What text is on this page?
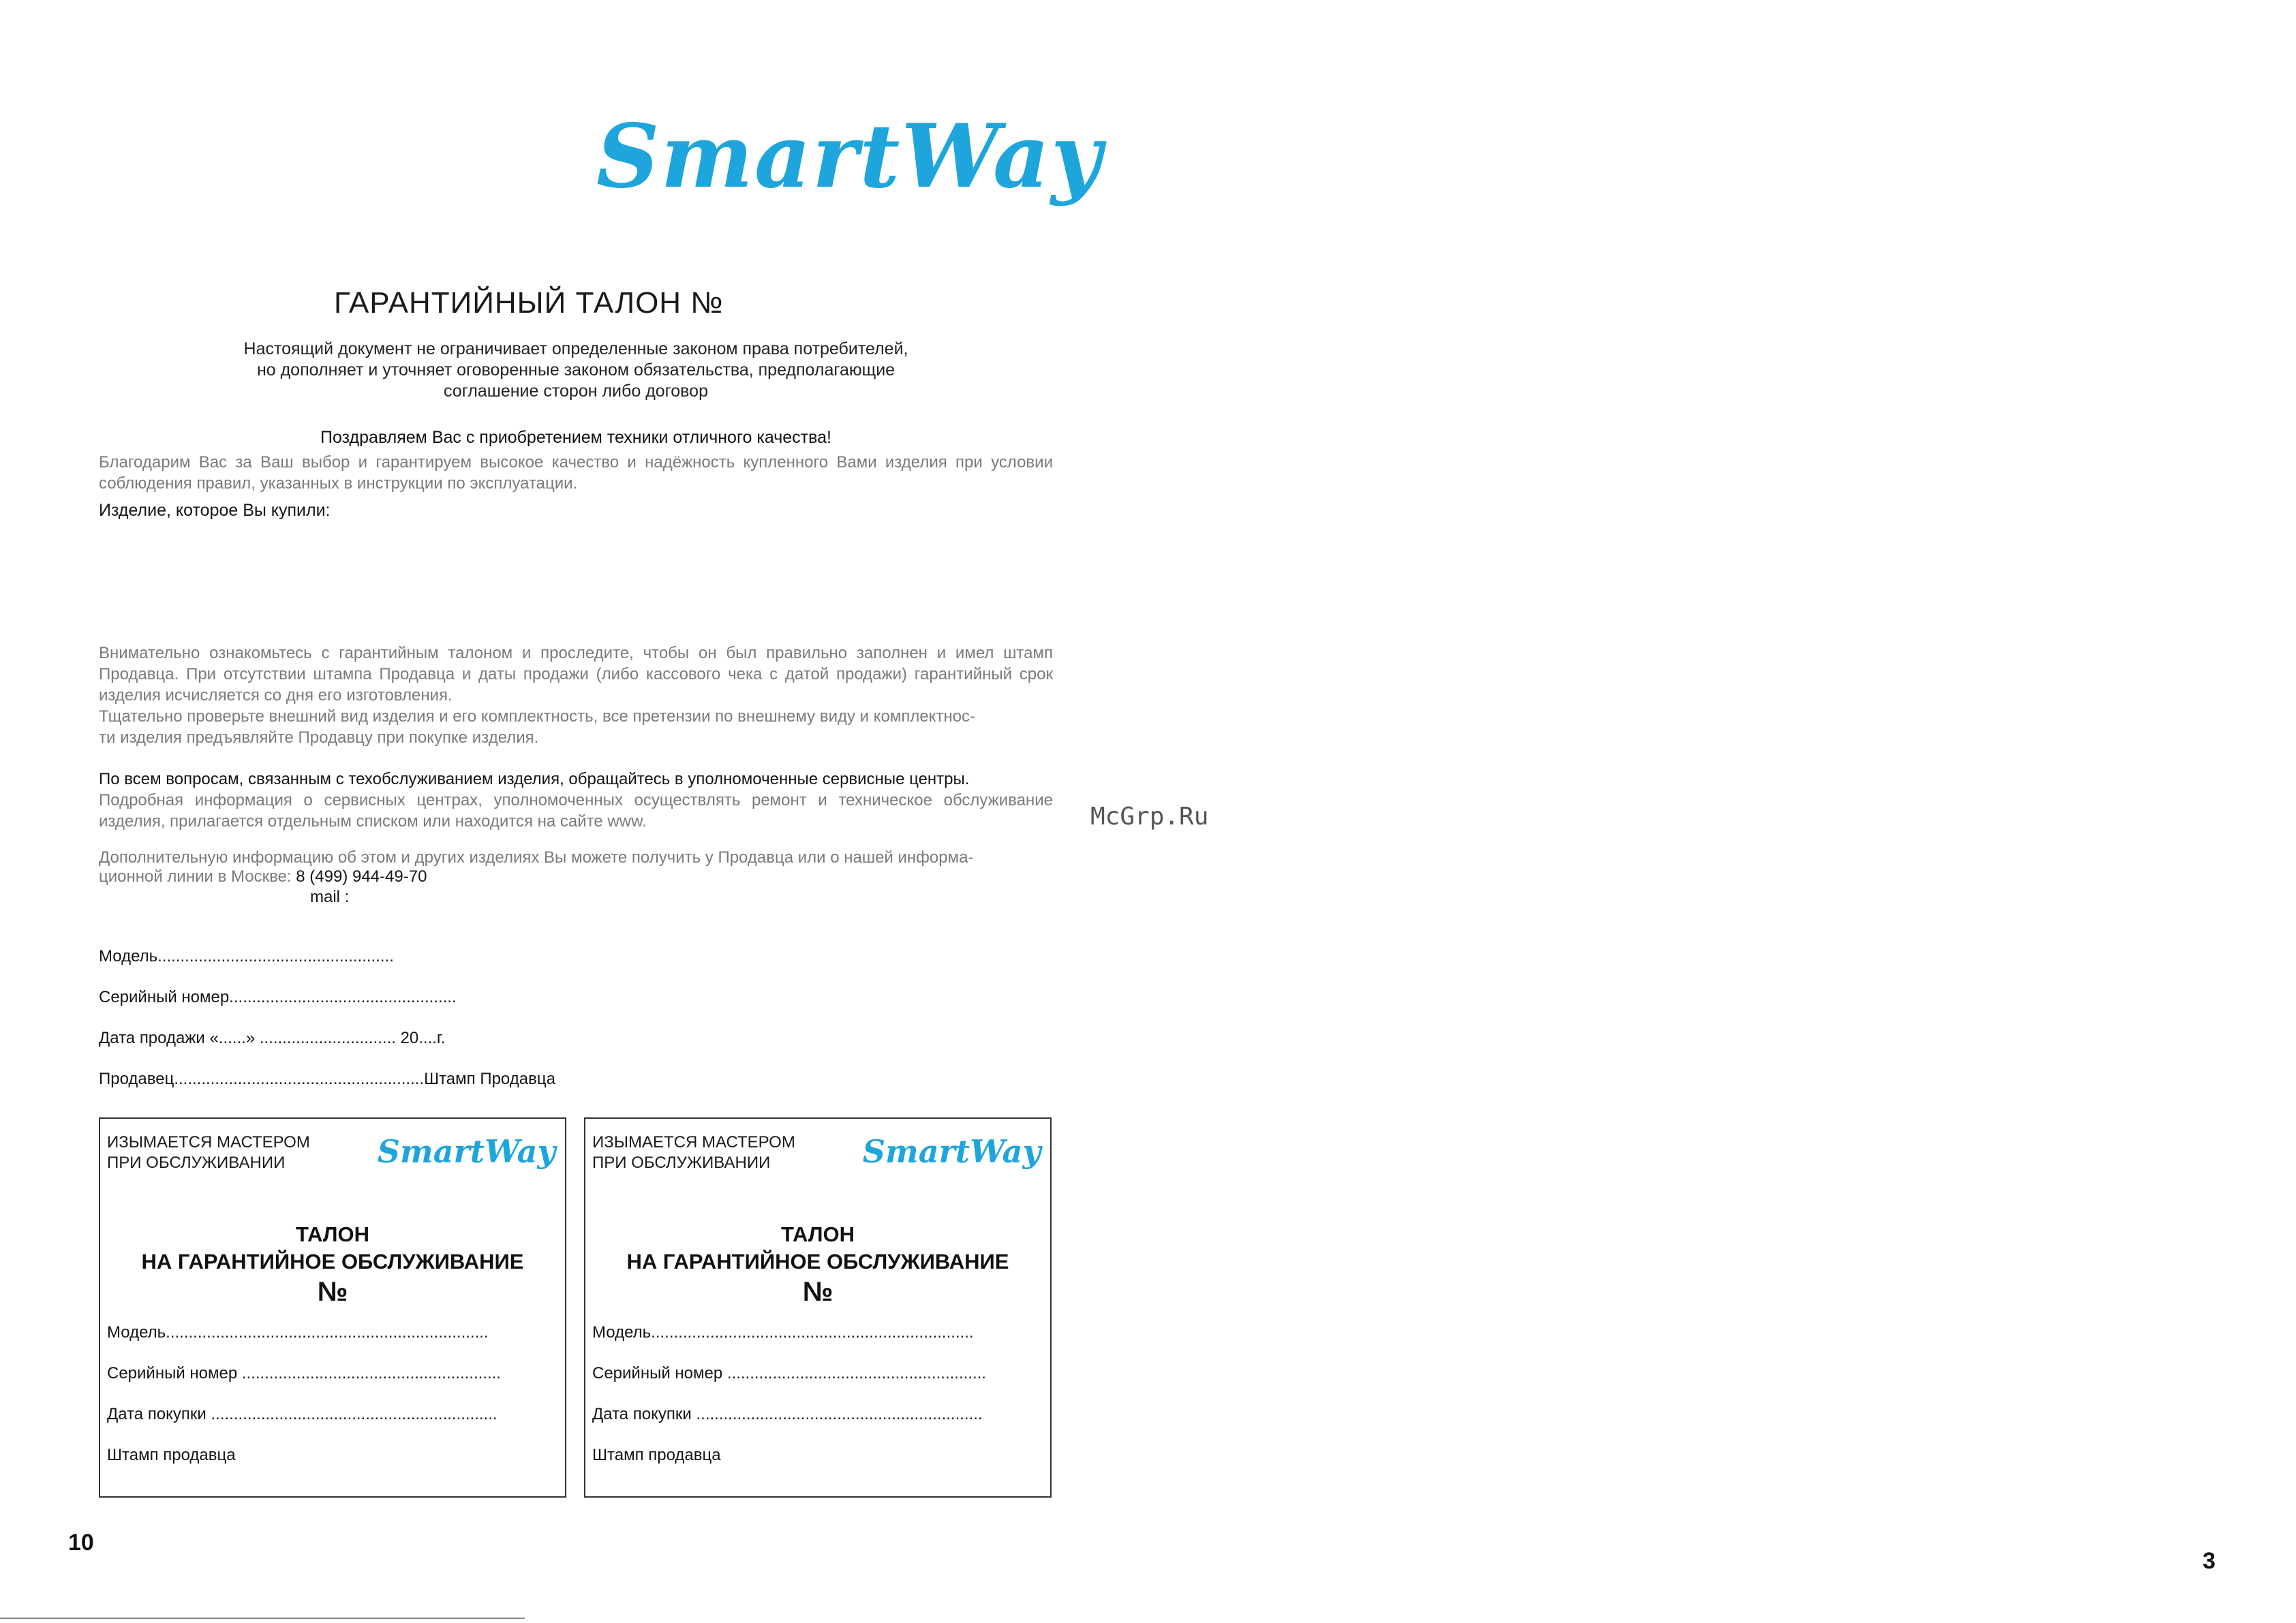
SmartWay
ГАРАНТИЙНЫЙ ТАЛОН №
Настоящий документ не ограничивает определенные законом права потребителей,
но дополняет и уточняет оговоренные законом обязательства, предполагающие
соглашение сторон либо договор
Поздравляем Вас с приобретением техники отличного качества!
Благодарим Вас за Ваш выбор и гарантируем высокое качество и надёжность купленного Вами изделия при условии соблюдения правил, указанных в инструкции по эксплуатации.
Изделие, которое Вы купили:
Внимательно ознакомьтесь с гарантийным талоном и проследите, чтобы он был правильно заполнен и имел штамп Продавца. При отсутствии штампа Продавца и даты продажи (либо кассового чека с датой продажи) гарантийный срок изделия исчисляется со дня его изготовления.
Тщательно проверьте внешний вид изделия и его комплектность, все претензии по внешнему виду и комплектнос-
ти изделия предъявляйте Продавцу при покупке изделия.
По всем вопросам, связанным с техобслуживанием изделия, обращайтесь в уполномоченные сервисные центры.
Подробная информация о сервисных центрах, уполномоченных осуществлять ремонт и техническое обслуживание изделия, прилагается отдельным списком или находится на сайте www.
Дополнительную информацию об этом и других изделиях Вы можете получить у Продавца или о нашей информа-
ционной линии в Москве: 8 (499) 944-49-70
mail :
Модель....................................................
Серийный номер..................................................
Дата продажи «......» .............................. 20....г.
Продавец.......................................................Штамп Продавца
ИЗЫМАЕТСЯ МАСТЕРОМ
ПРИ ОБСЛУЖИВАНИИ	SmartWay
ТАЛОН
НА ГАРАНТИЙНОЕ ОБСЛУЖИВАНИЕ
№
Модель.......................................................................
Серийный номер .........................................................
Дата покупки ...............................................................
Штамп продавца
ИЗЫМАЕТСЯ МАСТЕРОМ
ПРИ ОБСЛУЖИВАНИИ	SmartWay
ТАЛОН
НА ГАРАНТИЙНОЕ ОБСЛУЖИВАНИЕ
№
Модель.......................................................................
Серийный номер .........................................................
Дата покупки ...............................................................
Штамп продавца
McGrp.Ru
10
3
